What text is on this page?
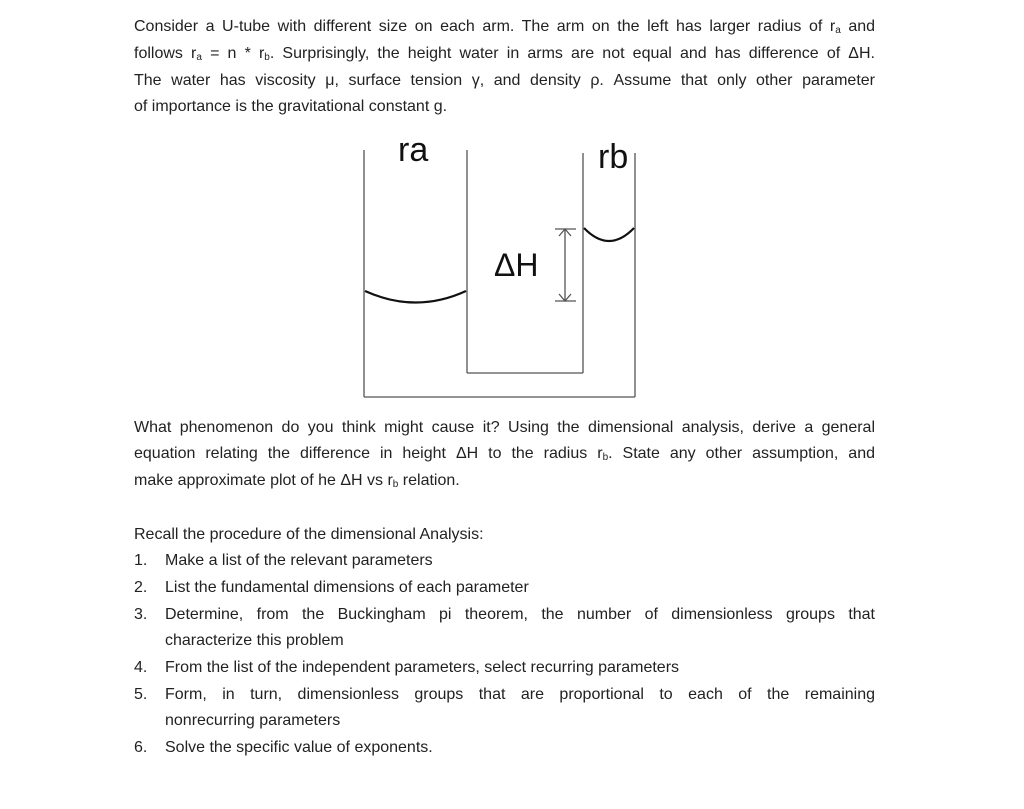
Consider a U-tube with different size on each arm. The arm on the left has larger radius of $r_a$ and
follows $r_a = n * r_b$. Surprisingly, the height water in arms are not equal and has difference of ΔH.
The water has viscosity μ, surface tension γ, and density ρ. Assume that only other parameter
of importance is the gravitational constant g.
ra	rb
ΔH
What phenomenon do you think might cause it? Using the dimensional analysis, derive a general
equation relating the difference in height ΔH to the radius $r_b$. State any other assumption, and
make approximate plot of he ΔH vs $r_b$ relation.
Recall the procedure of the dimensional Analysis:
1. Make a list of the relevant parameters
2. List the fundamental dimensions of each parameter
3. Determine, from the Buckingham pi theorem, the number of dimensionless groups that
characterize this problem
4. From the list of the independent parameters, select recurring parameters
5. Form, in turn, dimensionless groups that are proportional to each of the remaining
nonrecurring parameters
6. Solve the specific value of exponents.
